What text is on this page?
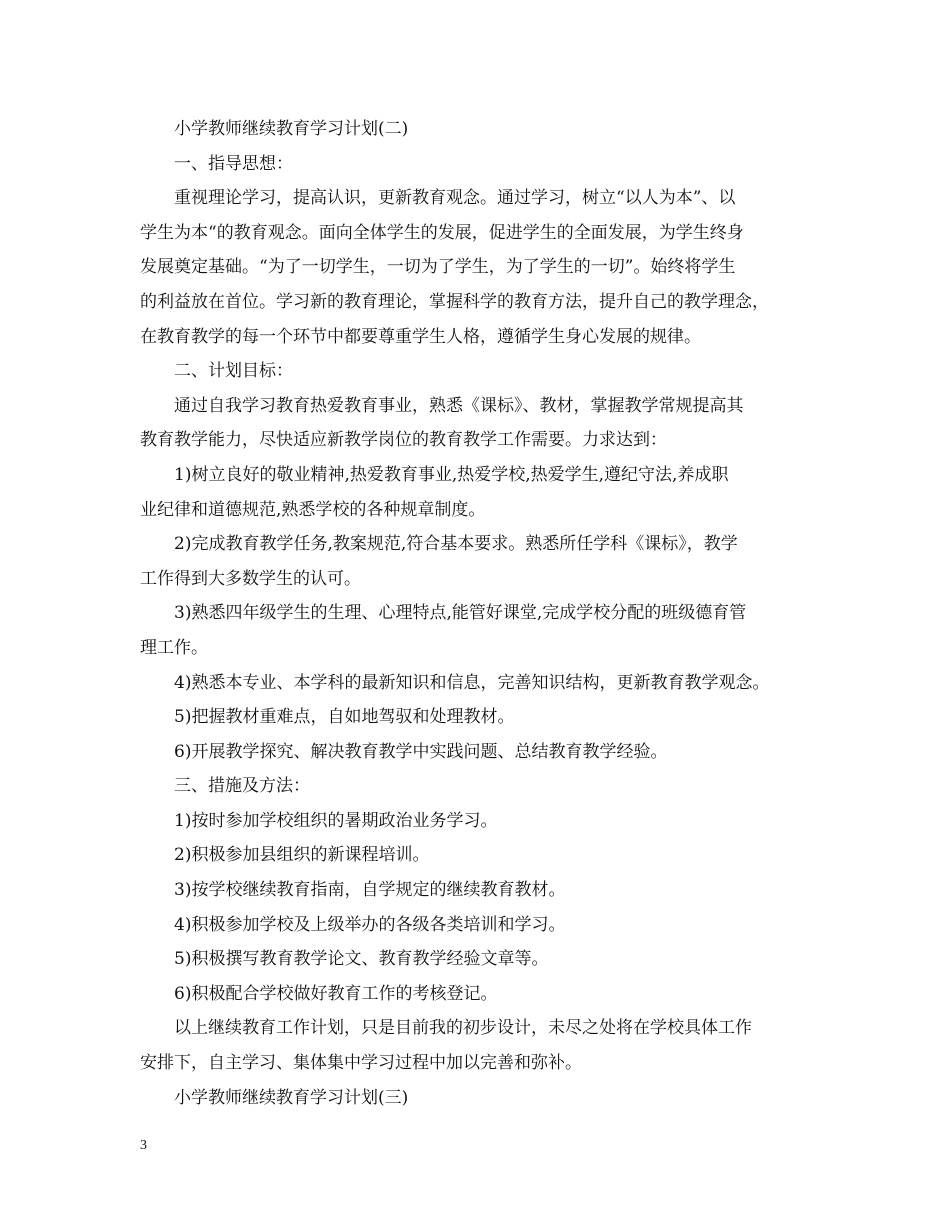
小学教师继续教育学习计划(二)
一、指导思想：
重视理论学习，提高认识，更新教育观念。通过学习，树立“以人为本”、以
学生为本“的教育观念。面向全体学生的发展，促进学生的全面发展，为学生终身
发展奠定基础。“为了一切学生，一切为了学生，为了学生的一切”。始终将学生
的利益放在首位。学习新的教育理论，掌握科学的教育方法，提升自己的教学理念，
在教育教学的每一个环节中都要尊重学生人格，遵循学生身心发展的规律。
二、计划目标：
通过自我学习教育热爱教育事业，熟悉《课标》、教材，掌握教学常规提高其
教育教学能力，尽快适应新教学岗位的教育教学工作需要。力求达到：
1)树立良好的敬业精神,热爱教育事业,热爱学校,热爱学生,遵纪守法,养成职
业纪律和道德规范,熟悉学校的各种规章制度。
2)完成教育教学任务,教案规范,符合基本要求。熟悉所任学科《课标》，教学
工作得到大多数学生的认可。
3)熟悉四年级学生的生理、心理特点,能管好课堂,完成学校分配的班级德育管
理工作。
4)熟悉本专业、本学科的最新知识和信息，完善知识结构，更新教育教学观念。
5)把握教材重难点，自如地驾驭和处理教材。
6)开展教学探究、解决教育教学中实践问题、总结教育教学经验。
三、措施及方法：
1)按时参加学校组织的暑期政治业务学习。
2)积极参加县组织的新课程培训。
3)按学校继续教育指南，自学规定的继续教育教材。
4)积极参加学校及上级举办的各级各类培训和学习。
5)积极撰写教育教学论文、教育教学经验文章等。
6)积极配合学校做好教育工作的考核登记。
以上继续教育工作计划，只是目前我的初步设计，未尽之处将在学校具体工作
安排下，自主学习、集体集中学习过程中加以完善和弥补。
小学教师继续教育学习计划(三)
3
